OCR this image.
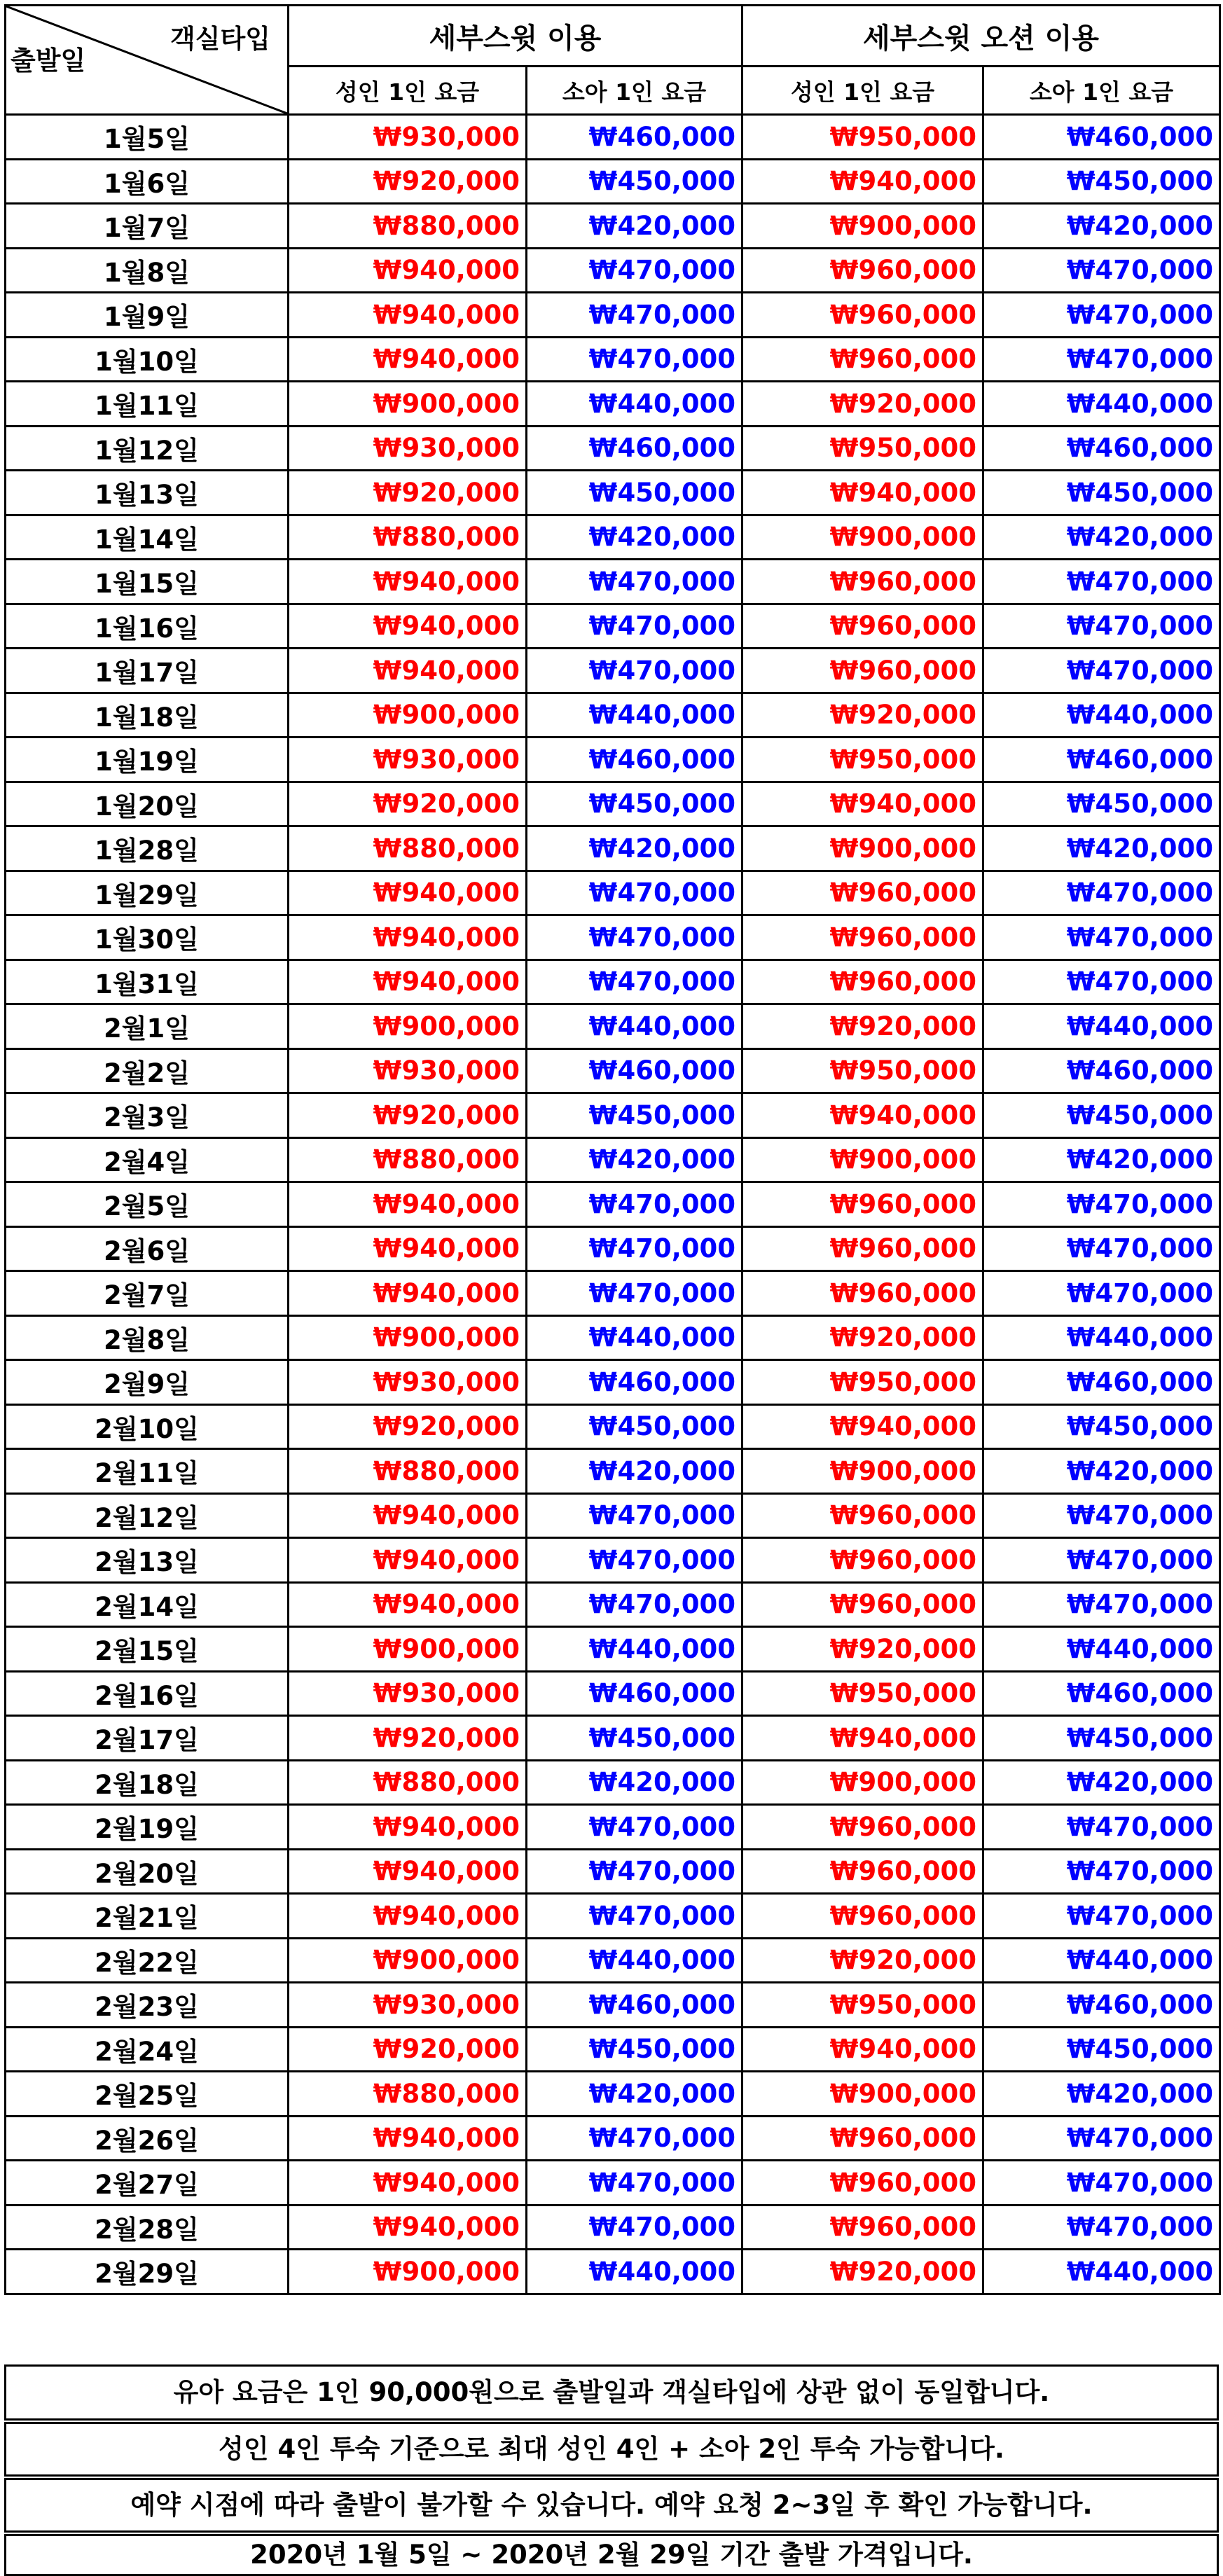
객실타입
출발일	세부스윗 이용		세부스윗 오션 이용	
	성인 1인 요금	소아 1인 요금	성인 1인 요금	소아 1인 요금
1월5일	₩930,000	₩460,000	₩950,000	₩460,000
1월6일	₩920,000	₩450,000	₩940,000	₩450,000
1월7일	₩880,000	₩420,000	₩900,000	₩420,000
1월8일	₩940,000	₩470,000	₩960,000	₩470,000
1월9일	₩940,000	₩470,000	₩960,000	₩470,000
1월10일	₩940,000	₩470,000	₩960,000	₩470,000
1월11일	₩900,000	₩440,000	₩920,000	₩440,000
1월12일	₩930,000	₩460,000	₩950,000	₩460,000
1월13일	₩920,000	₩450,000	₩940,000	₩450,000
1월14일	₩880,000	₩420,000	₩900,000	₩420,000
1월15일	₩940,000	₩470,000	₩960,000	₩470,000
1월16일	₩940,000	₩470,000	₩960,000	₩470,000
1월17일	₩940,000	₩470,000	₩960,000	₩470,000
1월18일	₩900,000	₩440,000	₩920,000	₩440,000
1월19일	₩930,000	₩460,000	₩950,000	₩460,000
1월20일	₩920,000	₩450,000	₩940,000	₩450,000
1월28일	₩880,000	₩420,000	₩900,000	₩420,000
1월29일	₩940,000	₩470,000	₩960,000	₩470,000
1월30일	₩940,000	₩470,000	₩960,000	₩470,000
1월31일	₩940,000	₩470,000	₩960,000	₩470,000
2월1일	₩900,000	₩440,000	₩920,000	₩440,000
2월2일	₩930,000	₩460,000	₩950,000	₩460,000
2월3일	₩920,000	₩450,000	₩940,000	₩450,000
2월4일	₩880,000	₩420,000	₩900,000	₩420,000
2월5일	₩940,000	₩470,000	₩960,000	₩470,000
2월6일	₩940,000	₩470,000	₩960,000	₩470,000
2월7일	₩940,000	₩470,000	₩960,000	₩470,000
2월8일	₩900,000	₩440,000	₩920,000	₩440,000
2월9일	₩930,000	₩460,000	₩950,000	₩460,000
2월10일	₩920,000	₩450,000	₩940,000	₩450,000
2월11일	₩880,000	₩420,000	₩900,000	₩420,000
2월12일	₩940,000	₩470,000	₩960,000	₩470,000
2월13일	₩940,000	₩470,000	₩960,000	₩470,000
2월14일	₩940,000	₩470,000	₩960,000	₩470,000
2월15일	₩900,000	₩440,000	₩920,000	₩440,000
2월16일	₩930,000	₩460,000	₩950,000	₩460,000
2월17일	₩920,000	₩450,000	₩940,000	₩450,000
2월18일	₩880,000	₩420,000	₩900,000	₩420,000
2월19일	₩940,000	₩470,000	₩960,000	₩470,000
2월20일	₩940,000	₩470,000	₩960,000	₩470,000
2월21일	₩940,000	₩470,000	₩960,000	₩470,000
2월22일	₩900,000	₩440,000	₩920,000	₩440,000
2월23일	₩930,000	₩460,000	₩950,000	₩460,000
2월24일	₩920,000	₩450,000	₩940,000	₩450,000
2월25일	₩880,000	₩420,000	₩900,000	₩420,000
2월26일	₩940,000	₩470,000	₩960,000	₩470,000
2월27일	₩940,000	₩470,000	₩960,000	₩470,000
2월28일	₩940,000	₩470,000	₩960,000	₩470,000
2월29일	₩900,000	₩440,000	₩920,000	₩440,000
유아 요금은 1인 90,000원으로 출발일과 객실타입에 상관 없이 동일합니다.
성인 4인 투숙 기준으로 최대 성인 4인 + 소아 2인 투숙 가능합니다.
예약 시점에 따라 출발이 불가할 수 있습니다. 예약 요청 2~3일 후 확인 가능합니다.
2020년 1월 5일 ~ 2020년 2월 29일 기간 출발 가격입니다.
